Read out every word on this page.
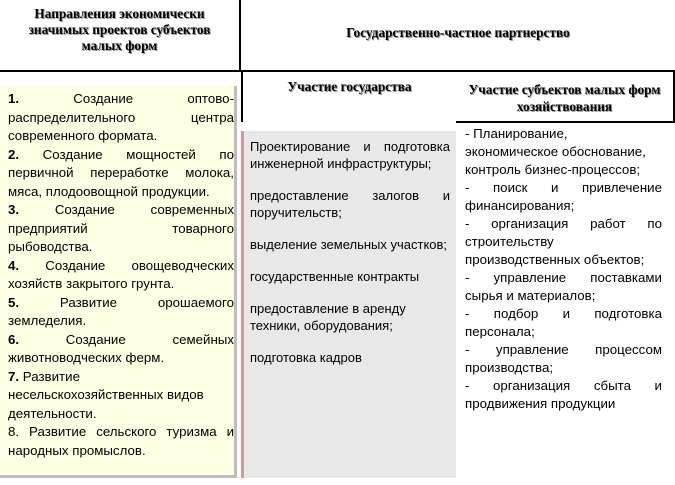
Направления экономически значимых проектов субъектов малых форм
Государственно-частное партнерство
Участие государства	Участие субъектов малых форм хозяйствования

1. Создание оптово-распределительного центра современного формата.

2. Создание мощностей по первичной переработке молока, мяса, плодоовощной продукции.

3. Создание современных предприятий товарного рыбоводства.

4. Создание овощеводческих хозяйств закрытого грунта.

5. Развитие орошаемого земледелия.

6. Создание семейных животноводческих ферм.

7. Развитие несельскохозяйственных видов деятельности.

8. Развитие сельского туризма и народных промыслов.

Проектирование и подготовка инженерной инфраструктуры;

предоставление залогов и поручительств;

выделение земельных участков;

государственные контракты

предоставление в аренду техники, оборудования;

подготовка кадров

- Планирование, экономическое обоснование, контроль бизнес-процессов;

- поиск и привлечение финансирования;

- организация работ по строительству производственных объектов;

- управление поставками сырья и материалов;

- подбор и подготовка персонала;

- управление процессом производства;

- организация сбыта и продвижения продукции
